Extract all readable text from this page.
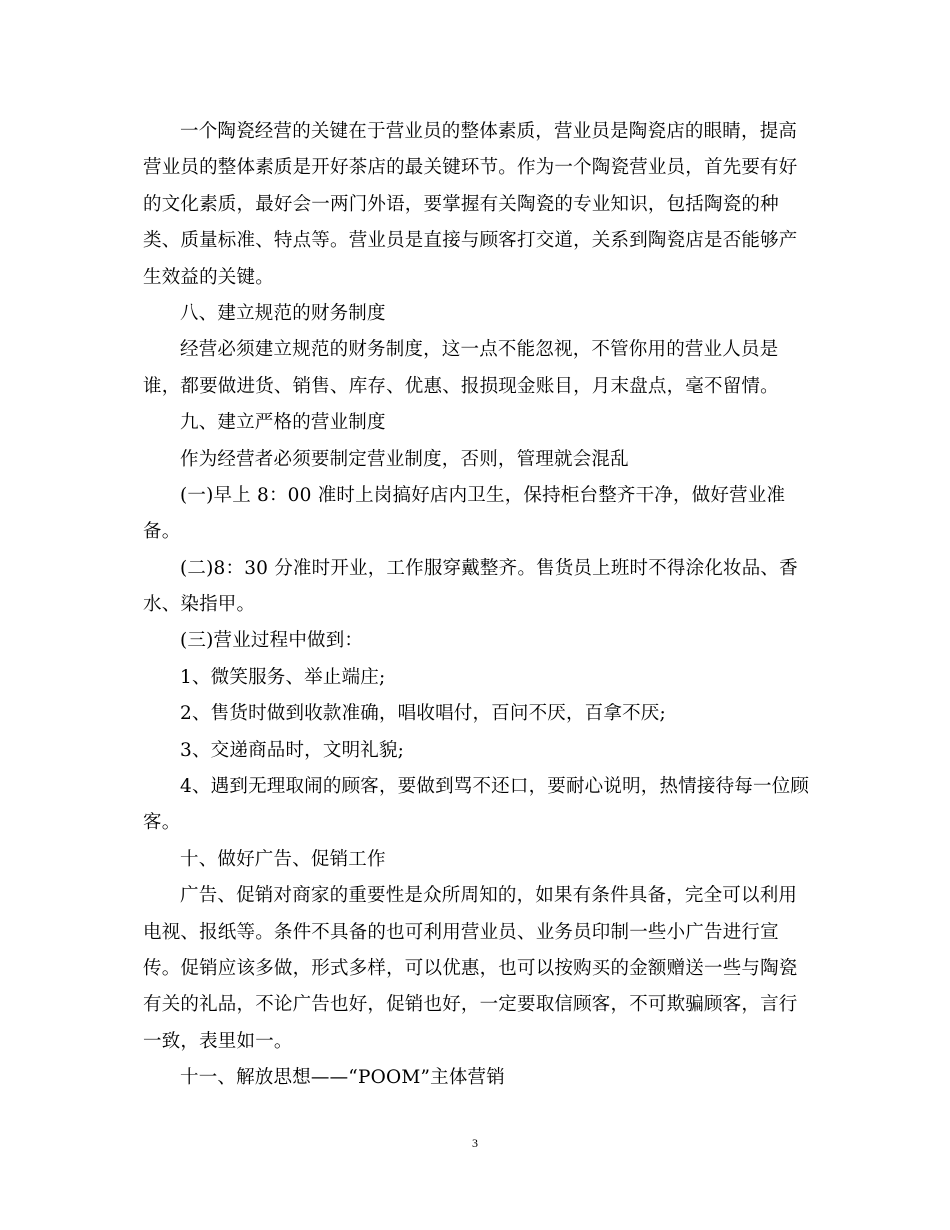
一个陶瓷经营的关键在于营业员的整体素质，营业员是陶瓷店的眼睛，提高
营业员的整体素质是开好茶店的最关键环节。作为一个陶瓷营业员，首先要有好
的文化素质，最好会一两门外语，要掌握有关陶瓷的专业知识，包括陶瓷的种
类、质量标准、特点等。营业员是直接与顾客打交道，关系到陶瓷店是否能够产
生效益的关键。
八、建立规范的财务制度
经营必须建立规范的财务制度，这一点不能忽视，不管你用的营业人员是
谁，都要做进货、销售、库存、优惠、报损现金账目，月末盘点，毫不留情。
九、建立严格的营业制度
作为经营者必须要制定营业制度，否则，管理就会混乱
(一)早上 8：00 准时上岗搞好店内卫生，保持柜台整齐干净，做好营业准
备。
(二)8：30 分准时开业，工作服穿戴整齐。售货员上班时不得涂化妆品、香
水、染指甲。
(三)营业过程中做到：
1、微笑服务、举止端庄;
2、售货时做到收款准确，唱收唱付，百问不厌，百拿不厌;
3、交递商品时，文明礼貌;
4、遇到无理取闹的顾客，要做到骂不还口，要耐心说明，热情接待每一位顾
客。
十、做好广告、促销工作
广告、促销对商家的重要性是众所周知的，如果有条件具备，完全可以利用
电视、报纸等。条件不具备的也可利用营业员、业务员印制一些小广告进行宣
传。促销应该多做，形式多样，可以优惠，也可以按购买的金额赠送一些与陶瓷
有关的礼品，不论广告也好，促销也好，一定要取信顾客，不可欺骗顾客，言行
一致，表里如一。
十一、解放思想——“POOM”主体营销
3
